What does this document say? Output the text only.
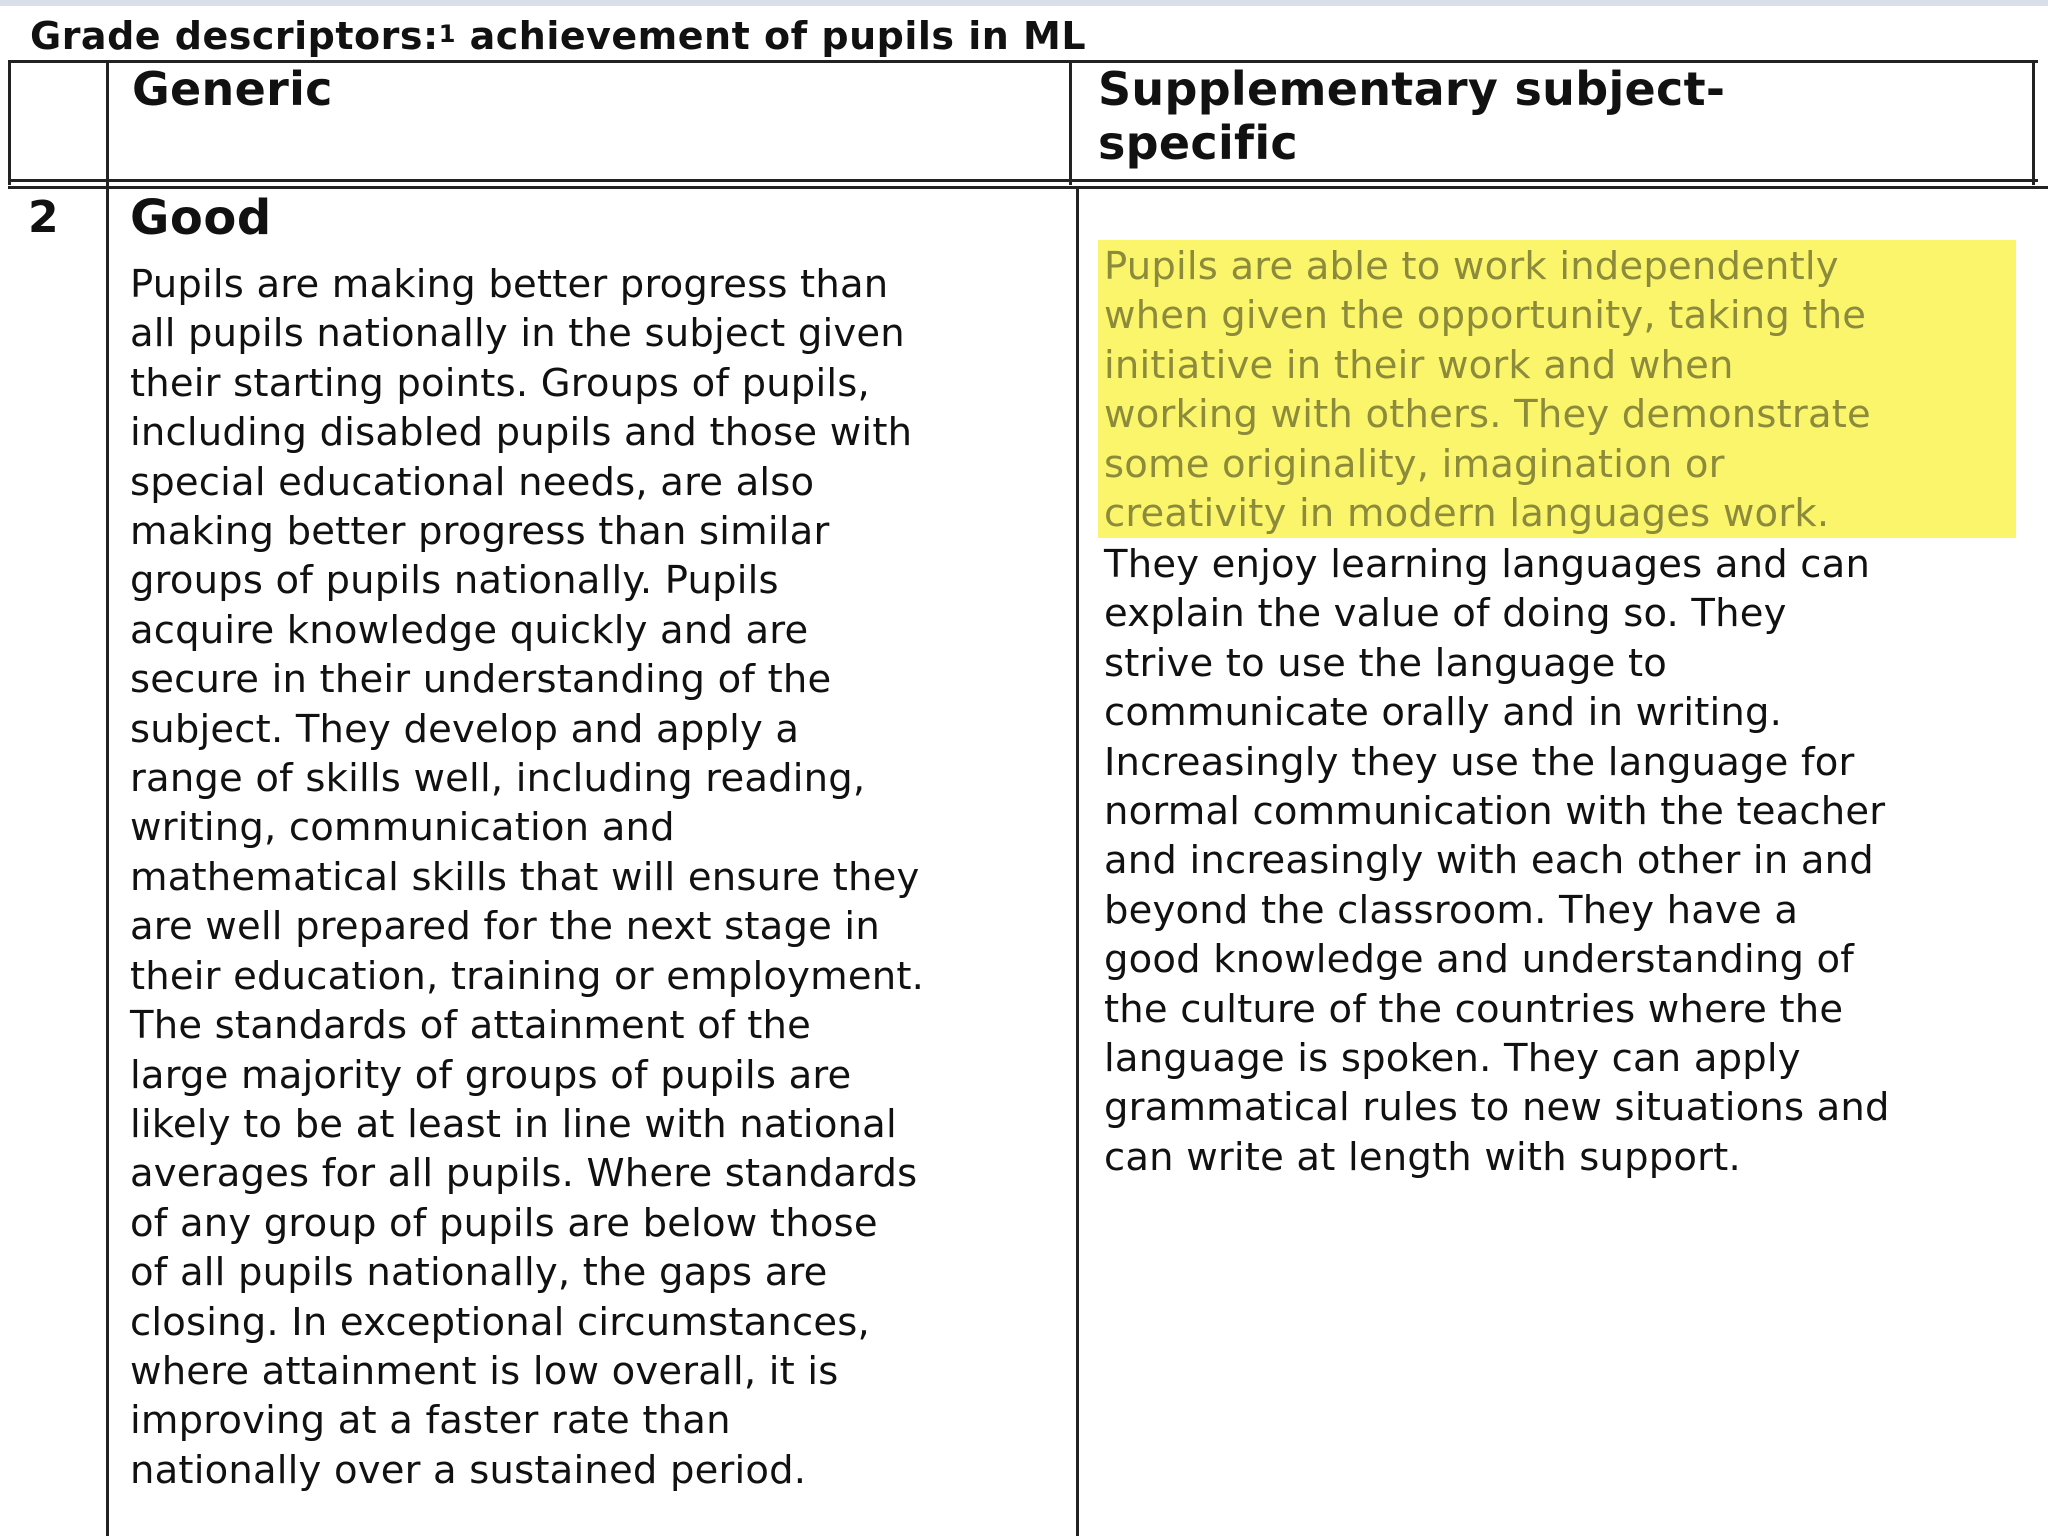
Grade descriptors:$^1$ achievement of pupils in ML
Generic	Supplementary subject-
specific
2 Good
Pupils are making better progress than
all pupils nationally in the subject given
their starting points. Groups of pupils,
including disabled pupils and those with
special educational needs, are also
making better progress than similar
groups of pupils nationally. Pupils
acquire knowledge quickly and are
secure in their understanding of the
subject. They develop and apply a
range of skills well, including reading,
writing, communication and
mathematical skills that will ensure they
are well prepared for the next stage in
their education, training or employment.
The standards of attainment of the
large majority of groups of pupils are
likely to be at least in line with national
averages for all pupils. Where standards
of any group of pupils are below those
of all pupils nationally, the gaps are
closing. In exceptional circumstances,
where attainment is low overall, it is
improving at a faster rate than
nationally over a sustained period.
Pupils are able to work independently
when given the opportunity, taking the
initiative in their work and when
working with others. They demonstrate
some originality, imagination or
creativity in modern languages work.
They enjoy learning languages and can
explain the value of doing so. They
strive to use the language to
communicate orally and in writing.
Increasingly they use the language for
normal communication with the teacher
and increasingly with each other in and
beyond the classroom. They have a
good knowledge and understanding of
the culture of the countries where the
language is spoken. They can apply
grammatical rules to new situations and
can write at length with support.
